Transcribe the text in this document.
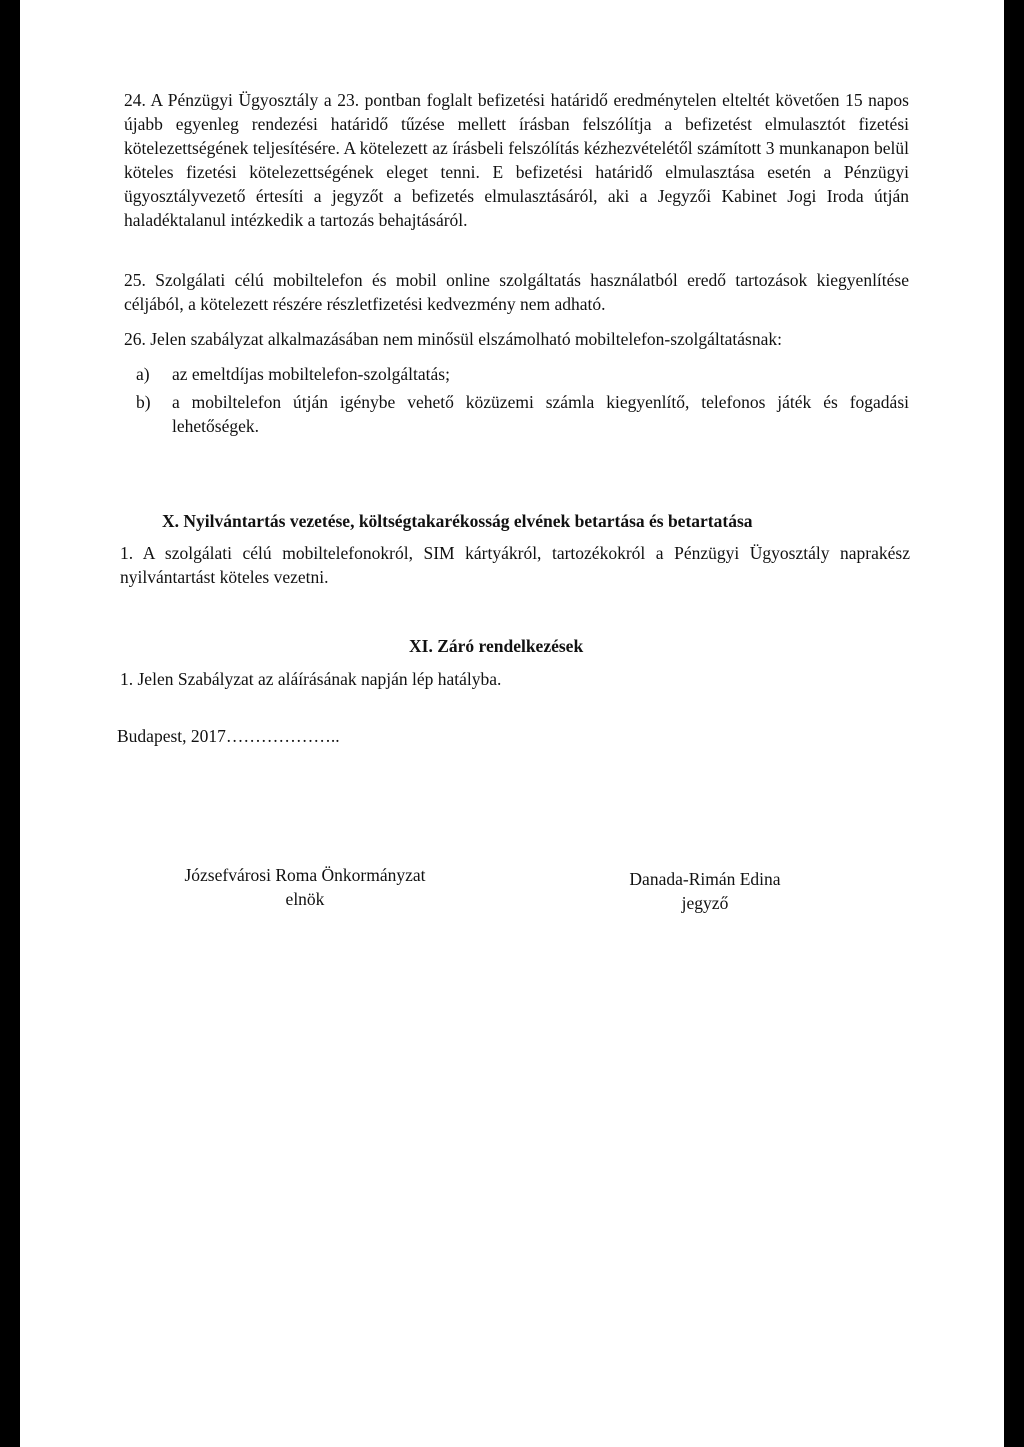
24. A Pénzügyi Ügyosztály a 23. pontban foglalt befizetési határidő eredménytelen elteltét követően 15 napos újabb egyenleg rendezési határidő tűzése mellett írásban felszólítja a befizetést elmulasztót fizetési kötelezettségének teljesítésére. A kötelezett az írásbeli felszólítás kézhezvételétől számított 3 munkanapon belül köteles fizetési kötelezettségének eleget tenni. E befizetési határidő elmulasztása esetén a Pénzügyi ügyosztályvezető értesíti a jegyzőt a befizetés elmulasztásáról, aki a Jegyzői Kabinet Jogi Iroda útján haladéktalanul intézkedik a tartozás behajtásáról.

25. Szolgálati célú mobiltelefon és mobil online szolgáltatás használatból eredő tartozások kiegyenlítése céljából, a kötelezett részére részletfizetési kedvezmény nem adható.

26. Jelen szabályzat alkalmazásában nem minősül elszámolható mobiltelefon-szolgáltatásnak:

a)	az emeltdíjas mobiltelefon-szolgáltatás;
b)	a mobiltelefon útján igénybe vehető közüzemi számla kiegyenlítő, telefonos játék és fogadási lehetőségek.
X. Nyilvántartás vezetése, költségtakarékosság elvének betartása és betartatása

1. A szolgálati célú mobiltelefonokról, SIM kártyákról, tartozékokról a Pénzügyi Ügyosztály naprakész nyilvántartást köteles vezetni.

XI. Záró rendelkezések

1. Jelen Szabályzat az aláírásának napján lép hatályba.

Budapest, 2017………………..

Józsefvárosi Roma Önkormányzat
elnök
Danada-Rimán Edina
jegyző
